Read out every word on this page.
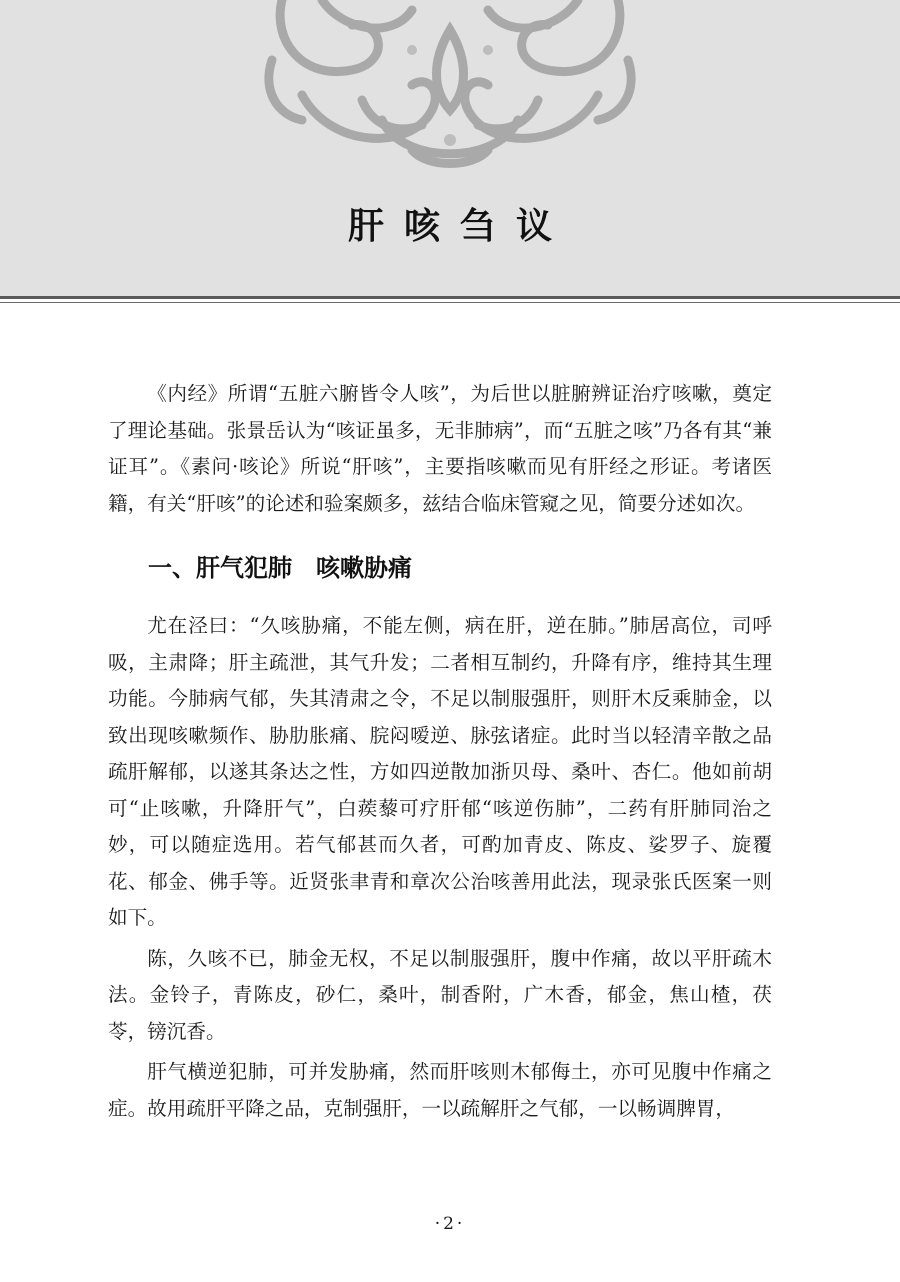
肝咳刍议

《内经》所谓“五脏六腑皆令人咳”，为后世以脏腑辨证治疗咳嗽，奠定了理论基础。张景岳认为“咳证虽多，无非肺病”，而“五脏之咳”乃各有其“兼证耳”。《素问·咳论》所说“肝咳”，主要指咳嗽而见有肝经之形证。考诸医籍，有关“肝咳”的论述和验案颇多，兹结合临床管窥之见，简要分述如次。

一、肝气犯肺　咳嗽胁痛

尤在泾曰：“久咳胁痛，不能左侧，病在肝，逆在肺。”肺居高位，司呼吸，主肃降；肝主疏泄，其气升发；二者相互制约，升降有序，维持其生理功能。今肺病气郁，失其清肃之令，不足以制服强肝，则肝木反乘肺金，以致出现咳嗽频作、胁肋胀痛、脘闷嗳逆、脉弦诸症。此时当以轻清辛散之品疏肝解郁，以遂其条达之性，方如四逆散加浙贝母、桑叶、杏仁。他如前胡可“止咳嗽，升降肝气”，白蒺藜可疗肝郁“咳逆伤肺”，二药有肝肺同治之妙，可以随症选用。若气郁甚而久者，可酌加青皮、陈皮、娑罗子、旋覆花、郁金、佛手等。近贤张聿青和章次公治咳善用此法，现录张氏医案一则如下。

陈，久咳不已，肺金无权，不足以制服强肝，腹中作痛，故以平肝疏木法。金铃子，青陈皮，砂仁，桑叶，制香附，广木香，郁金，焦山楂，茯苓，镑沉香。

肝气横逆犯肺，可并发胁痛，然而肝咳则木郁侮土，亦可见腹中作痛之症。故用疏肝平降之品，克制强肝，一以疏解肝之气郁，一以畅调脾胃，

·2·
